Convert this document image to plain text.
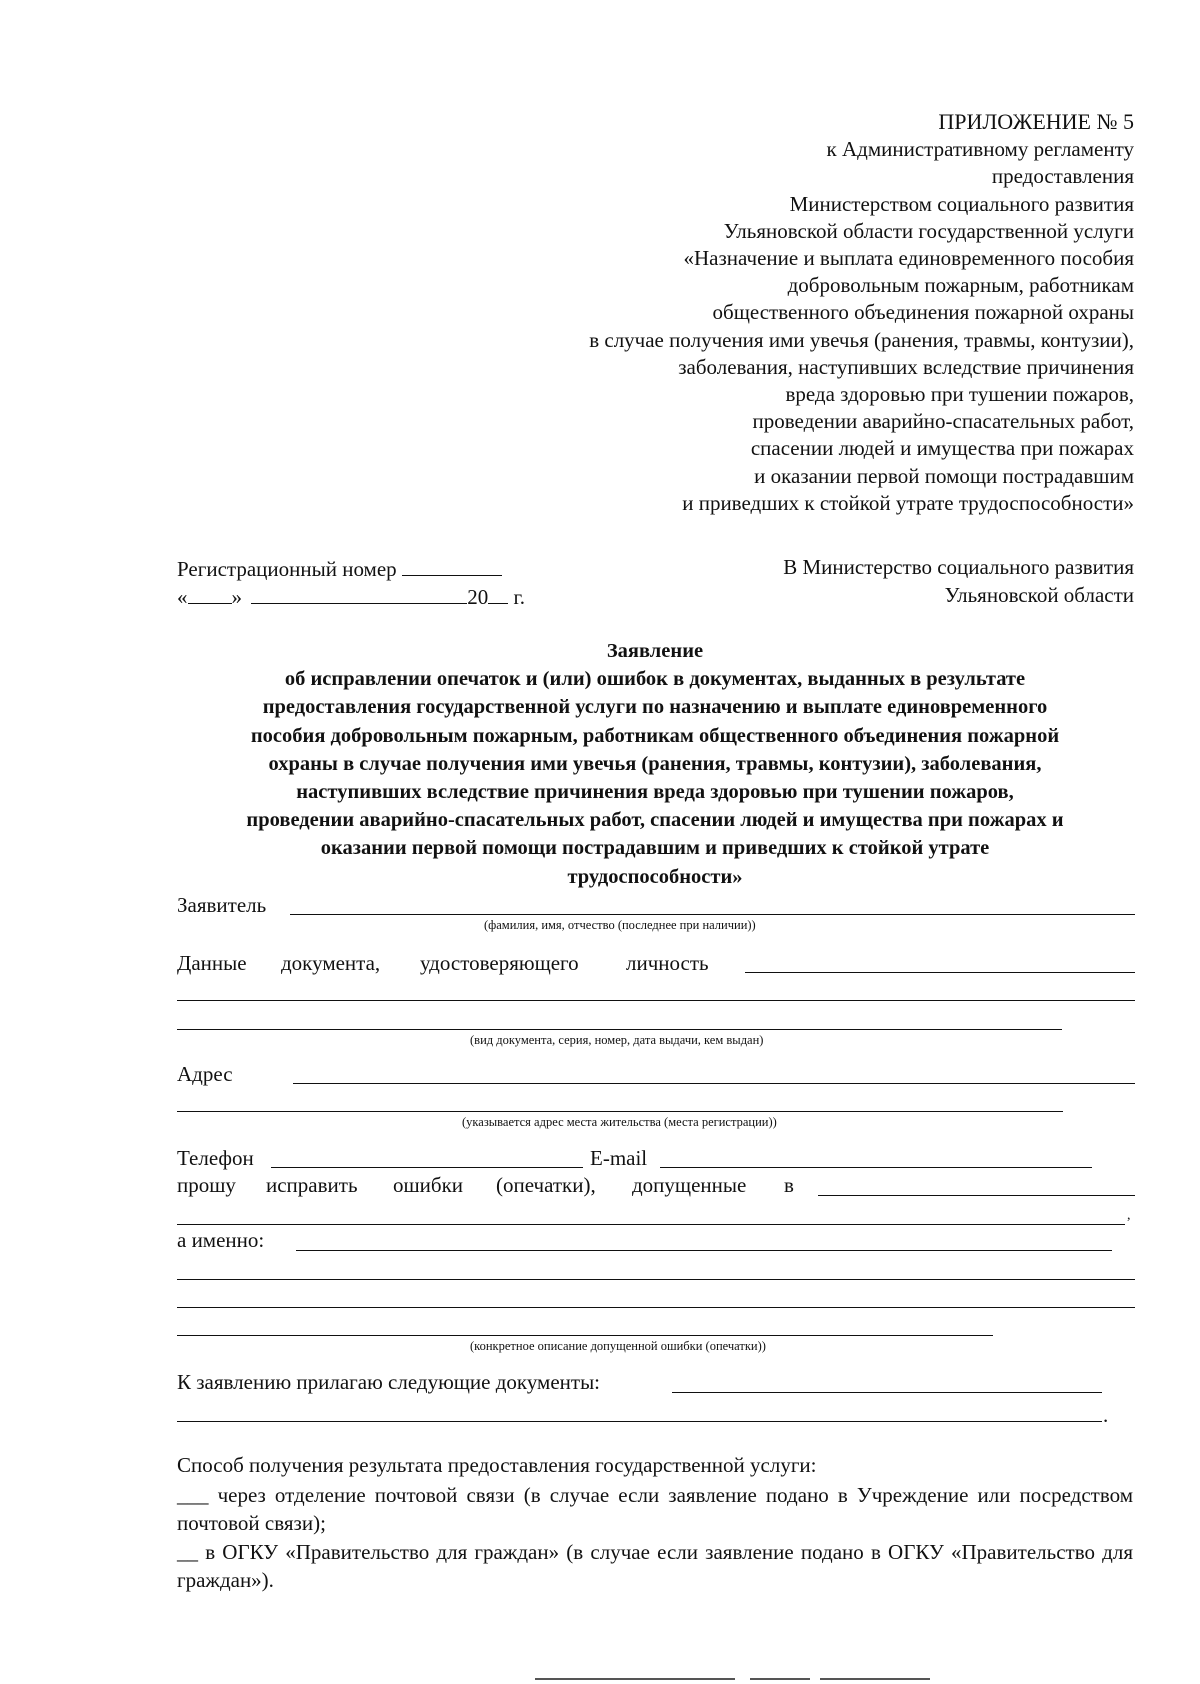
ПРИЛОЖЕНИЕ № 5
к Административному регламенту
предоставления
Министерством социального развития
Ульяновской области государственной услуги
«Назначение и выплата единовременного пособия
добровольным пожарным, работникам
общественного объединения пожарной охраны
в случае получения ими увечья (ранения, травмы, контузии),
заболевания, наступивших вследствие причинения
вреда здоровью при тушении пожаров,
проведении аварийно-спасательных работ,
спасении людей и имущества при пожарах
и оказании первой помощи пострадавшим
и приведших к стойкой утрате трудоспособности»
Регистрационный номер
« »	20 г.
В Министерство социального развития
Ульяновской области
Заявление
об исправлении опечаток и (или) ошибок в документах, выданных в результате
предоставления государственной услуги по назначению и выплате единовременного
пособия добровольным пожарным, работникам общественного объединения пожарной
охраны в случае получения ими увечья (ранения, травмы, контузии), заболевания,
наступивших вследствие причинения вреда здоровью при тушении пожаров,
проведении аварийно-спасательных работ, спасении людей и имущества при пожарах и
оказании первой помощи пострадавшим и приведших к стойкой утрате
трудоспособности»
Заявитель
(фамилия, имя, отчество (последнее при наличии))
Данные документа, удостоверяющего личность
(вид документа, серия, номер, дата выдачи, кем выдан)
Адрес
(указывается адрес места жительства (места регистрации))
Телефон	E-mail
прошу исправить ошибки (опечатки), допущенные в
,
а именно:
(конкретное описание допущенной ошибки (опечатки))
К заявлению прилагаю следующие документы:
.
Способ получения результата предоставления государственной услуги:
___ через отделение почтовой связи (в случае если заявление подано в Учреждение или посредством почтовой связи);
__ в ОГКУ «Правительство для граждан» (в случае если заявление подано в ОГКУ «Правительство для граждан»).
